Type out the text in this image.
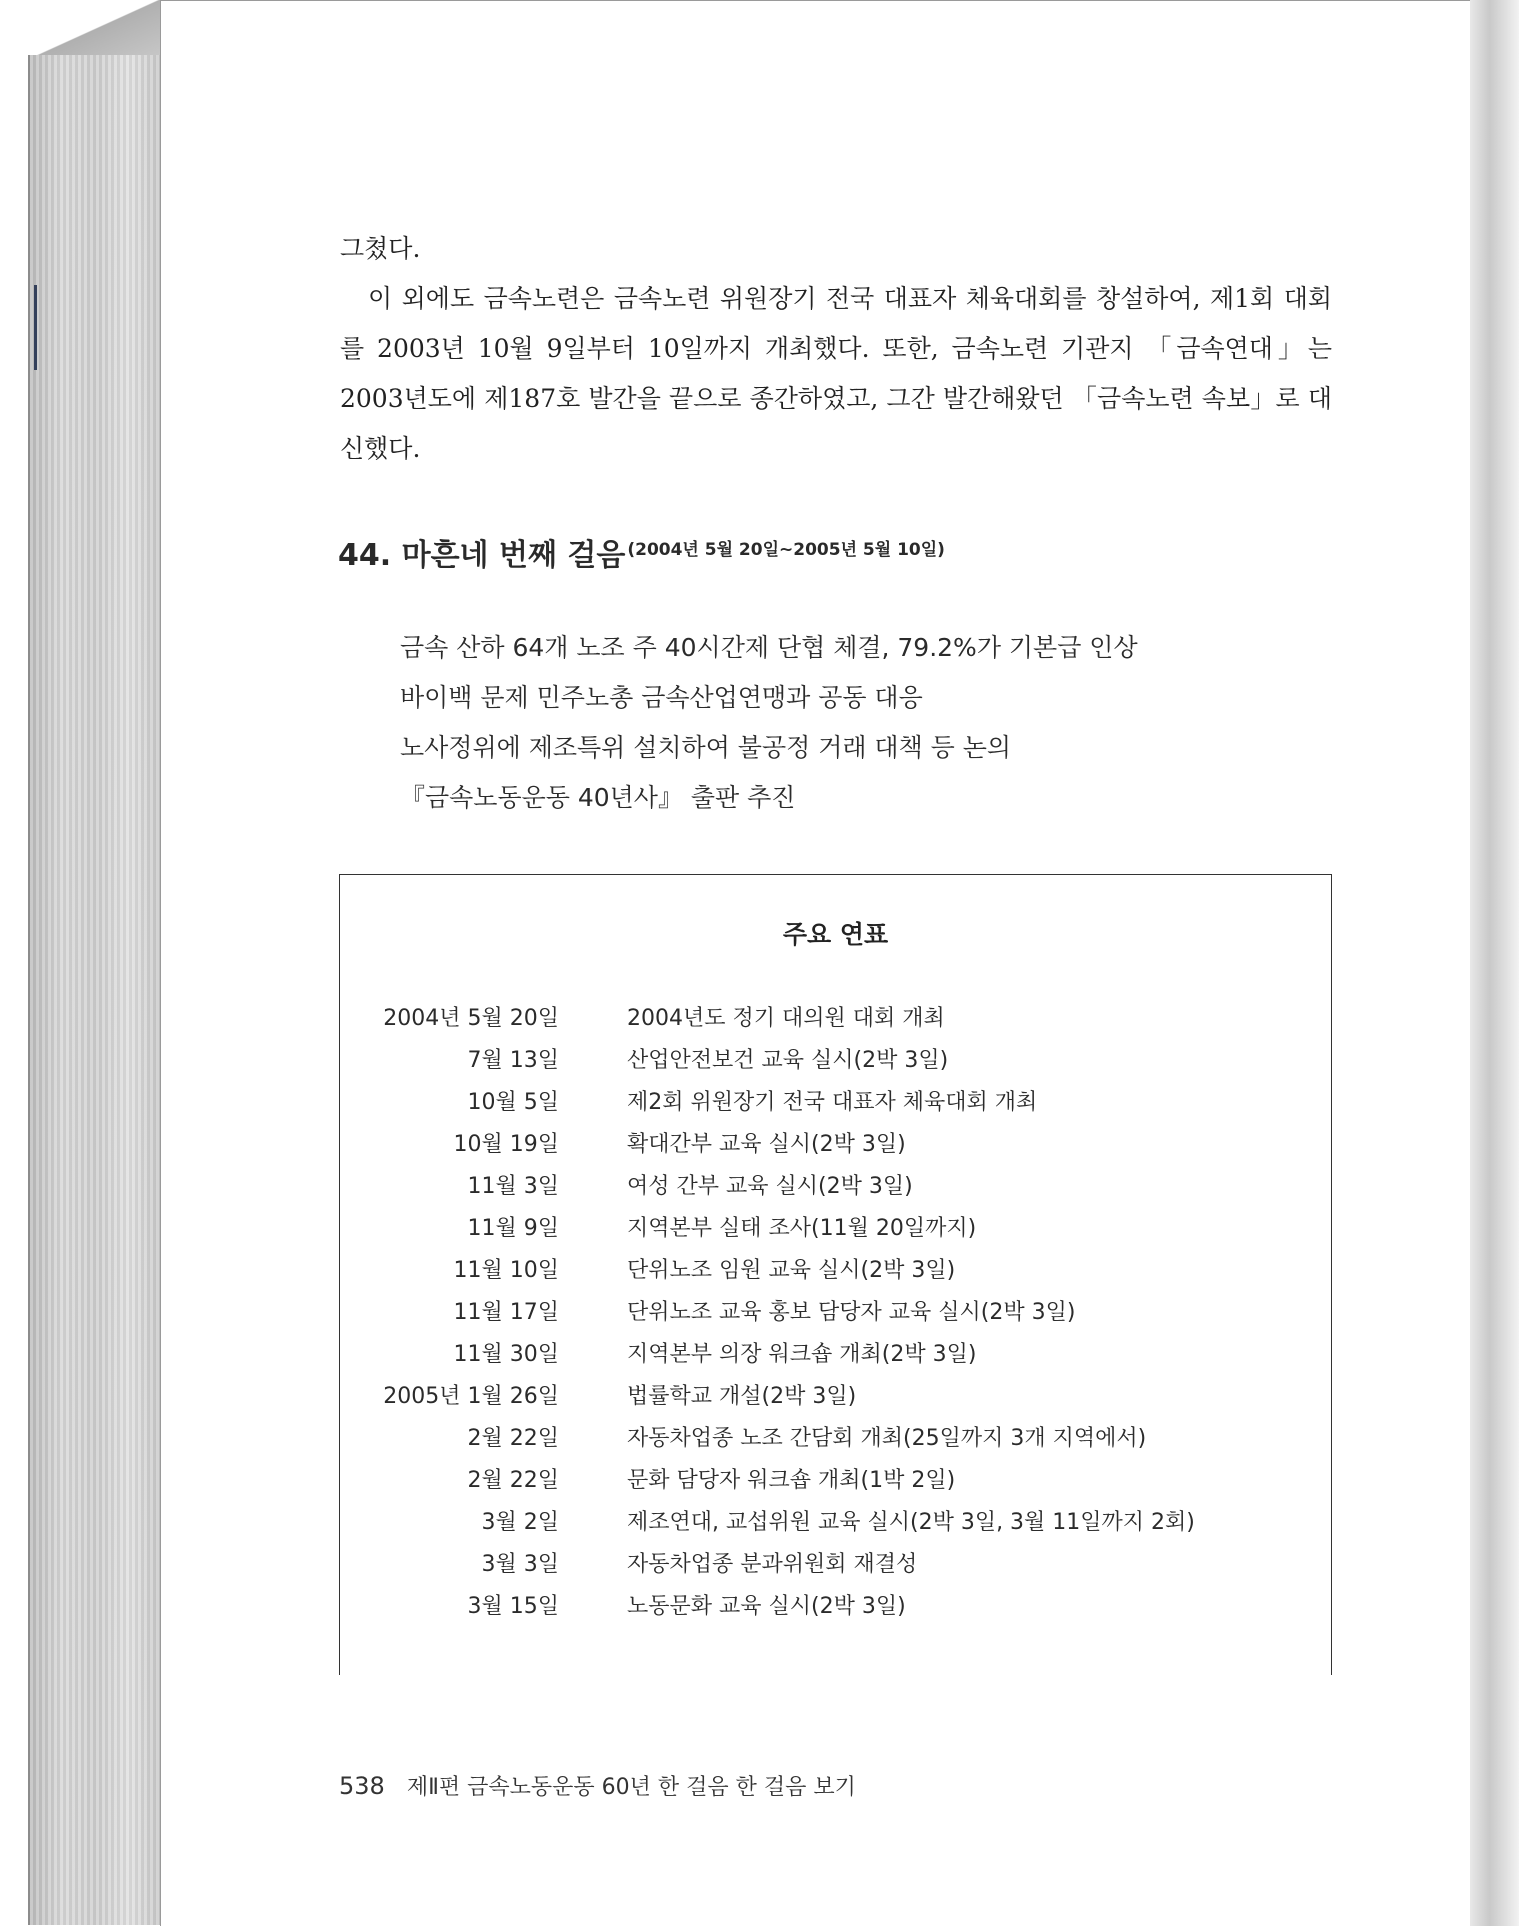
그쳤다.

이 외에도 금속노련은 금속노련 위원장기 전국 대표자 체육대회를 창설하여, 제1회 대회를 2003년 10월 9일부터 10일까지 개최했다. 또한, 금속노련 기관지 「금속연대」는 2003년도에 제187호 발간을 끝으로 종간하였고, 그간 발간해왔던 「금속노련 속보」로 대신했다.

44. 마흔네 번째 걸음 $^{(2004년 5월 20일\sim 2005년 5월 10일)}$
금속 산하 64개 노조 주 40시간제 단협 체결, 79.2%가 기본급 인상
바이백 문제 민주노총 금속산업연맹과 공동 대응
노사정위에 제조특위 설치하여 불공정 거래 대책 등 논의
『금속노동운동 40년사』 출판 추진
주요 연표
2004년 5월 20일	2004년도 정기 대의원 대회 개최
7월 13일	산업안전보건 교육 실시(2박 3일)
10월 5일	제2회 위원장기 전국 대표자 체육대회 개최
10월 19일	확대간부 교육 실시(2박 3일)
11월 3일	여성 간부 교육 실시(2박 3일)
11월 9일	지역본부 실태 조사(11월 20일까지)
11월 10일	단위노조 임원 교육 실시(2박 3일)
11월 17일	단위노조 교육 홍보 담당자 교육 실시(2박 3일)
11월 30일	지역본부 의장 워크숍 개최(2박 3일)
2005년 1월 26일	법률학교 개설(2박 3일)
2월 22일	자동차업종 노조 간담회 개최(25일까지 3개 지역에서)
2월 22일	문화 담당자 워크숍 개최(1박 2일)
3월 2일	제조연대, 교섭위원 교육 실시(2박 3일, 3월 11일까지 2회)
3월 3일	자동차업종 분과위원회 재결성
3월 15일	노동문화 교육 실시(2박 3일)
538 제Ⅱ편 금속노동운동 60년 한 걸음 한 걸음 보기
